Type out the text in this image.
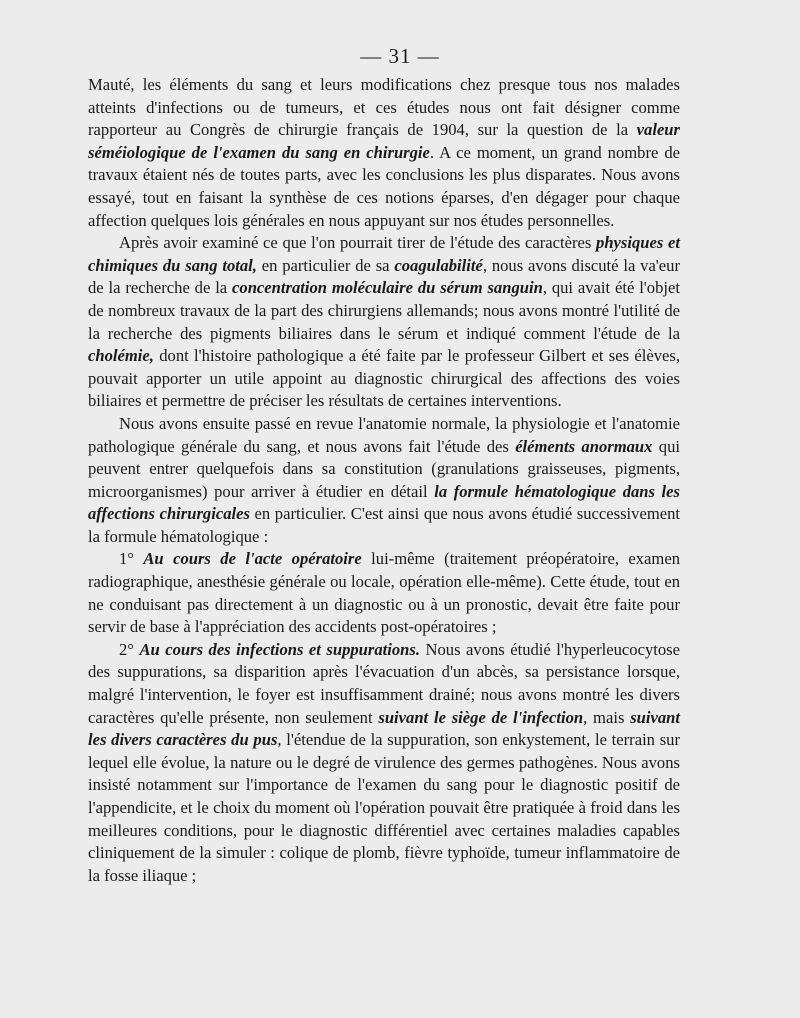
— 31 —

Mauté, les éléments du sang et leurs modifications chez presque tous nos malades atteints d'infections ou de tumeurs, et ces études nous ont fait désigner comme rapporteur au Congrès de chirurgie français de 1904, sur la question de la valeur séméiologique de l'examen du sang en chirurgie. A ce moment, un grand nombre de travaux étaient nés de toutes parts, avec les conclusions les plus disparates. Nous avons essayé, tout en faisant la synthèse de ces notions éparses, d'en dégager pour chaque affection quelques lois générales en nous appuyant sur nos études personnelles.

Après avoir examiné ce que l'on pourrait tirer de l'étude des caractères physiques et chimiques du sang total, en particulier de sa coagulabilité, nous avons discuté la va'eur de la recherche de la concentration moléculaire du sérum sanguin, qui avait été l'objet de nombreux travaux de la part des chirurgiens allemands; nous avons montré l'utilité de la recherche des pigments biliaires dans le sérum et indiqué comment l'étude de la cholémie, dont l'histoire pathologique a été faite par le professeur Gilbert et ses élèves, pouvait apporter un utile appoint au diagnostic chirurgical des affections des voies biliaires et permettre de préciser les résultats de certaines interventions.

Nous avons ensuite passé en revue l'anatomie normale, la physiologie et l'anatomie pathologique générale du sang, et nous avons fait l'étude des éléments anormaux qui peuvent entrer quelquefois dans sa constitution (granulations graisseuses, pigments, microorganismes) pour arriver à étudier en détail la formule hématologique dans les affections chirurgicales en particulier. C'est ainsi que nous avons étudié successivement la formule hématologique :

1° Au cours de l'acte opératoire lui-même (traitement préopératoire, examen radiographique, anesthésie générale ou locale, opération elle-même). Cette étude, tout en ne conduisant pas directement à un diagnostic ou à un pronostic, devait être faite pour servir de base à l'appréciation des accidents post-opératoires ;

2° Au cours des infections et suppurations. Nous avons étudié l'hyperleucocytose des suppurations, sa disparition après l'évacuation d'un abcès, sa persistance lorsque, malgré l'intervention, le foyer est insuffisamment drainé; nous avons montré les divers caractères qu'elle présente, non seulement suivant le siège de l'infection, mais suivant les divers caractères du pus, l'étendue de la suppuration, son enkystement, le terrain sur lequel elle évolue, la nature ou le degré de virulence des germes pathogènes. Nous avons insisté notamment sur l'importance de l'examen du sang pour le diagnostic positif de l'appendicite, et le choix du moment où l'opération pouvait être pratiquée à froid dans les meilleures conditions, pour le diagnostic différentiel avec certaines maladies capables cliniquement de la simuler : colique de plomb, fièvre typhoïde, tumeur inflammatoire de la fosse iliaque ;
